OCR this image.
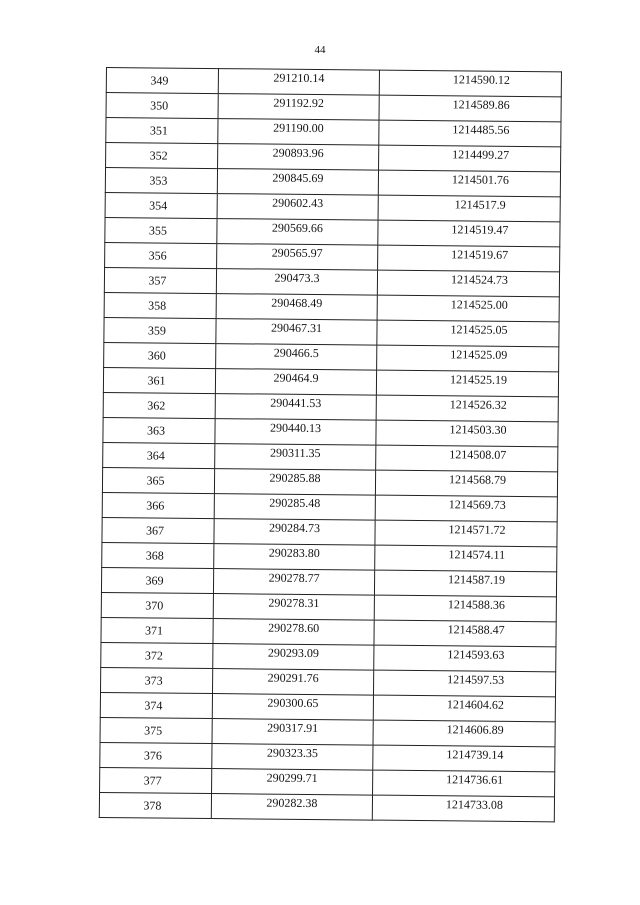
44
349	291210.14	1214590.12
350	291192.92	1214589.86
351	291190.00	1214485.56
352	290893.96	1214499.27
353	290845.69	1214501.76
354	290602.43	1214517.9
355	290569.66	1214519.47
356	290565.97	1214519.67
357	290473.3	1214524.73
358	290468.49	1214525.00
359	290467.31	1214525.05
360	290466.5	1214525.09
361	290464.9	1214525.19
362	290441.53	1214526.32
363	290440.13	1214503.30
364	290311.35	1214508.07
365	290285.88	1214568.79
366	290285.48	1214569.73
367	290284.73	1214571.72
368	290283.80	1214574.11
369	290278.77	1214587.19
370	290278.31	1214588.36
371	290278.60	1214588.47
372	290293.09	1214593.63
373	290291.76	1214597.53
374	290300.65	1214604.62
375	290317.91	1214606.89
376	290323.35	1214739.14
377	290299.71	1214736.61
378	290282.38	1214733.08
